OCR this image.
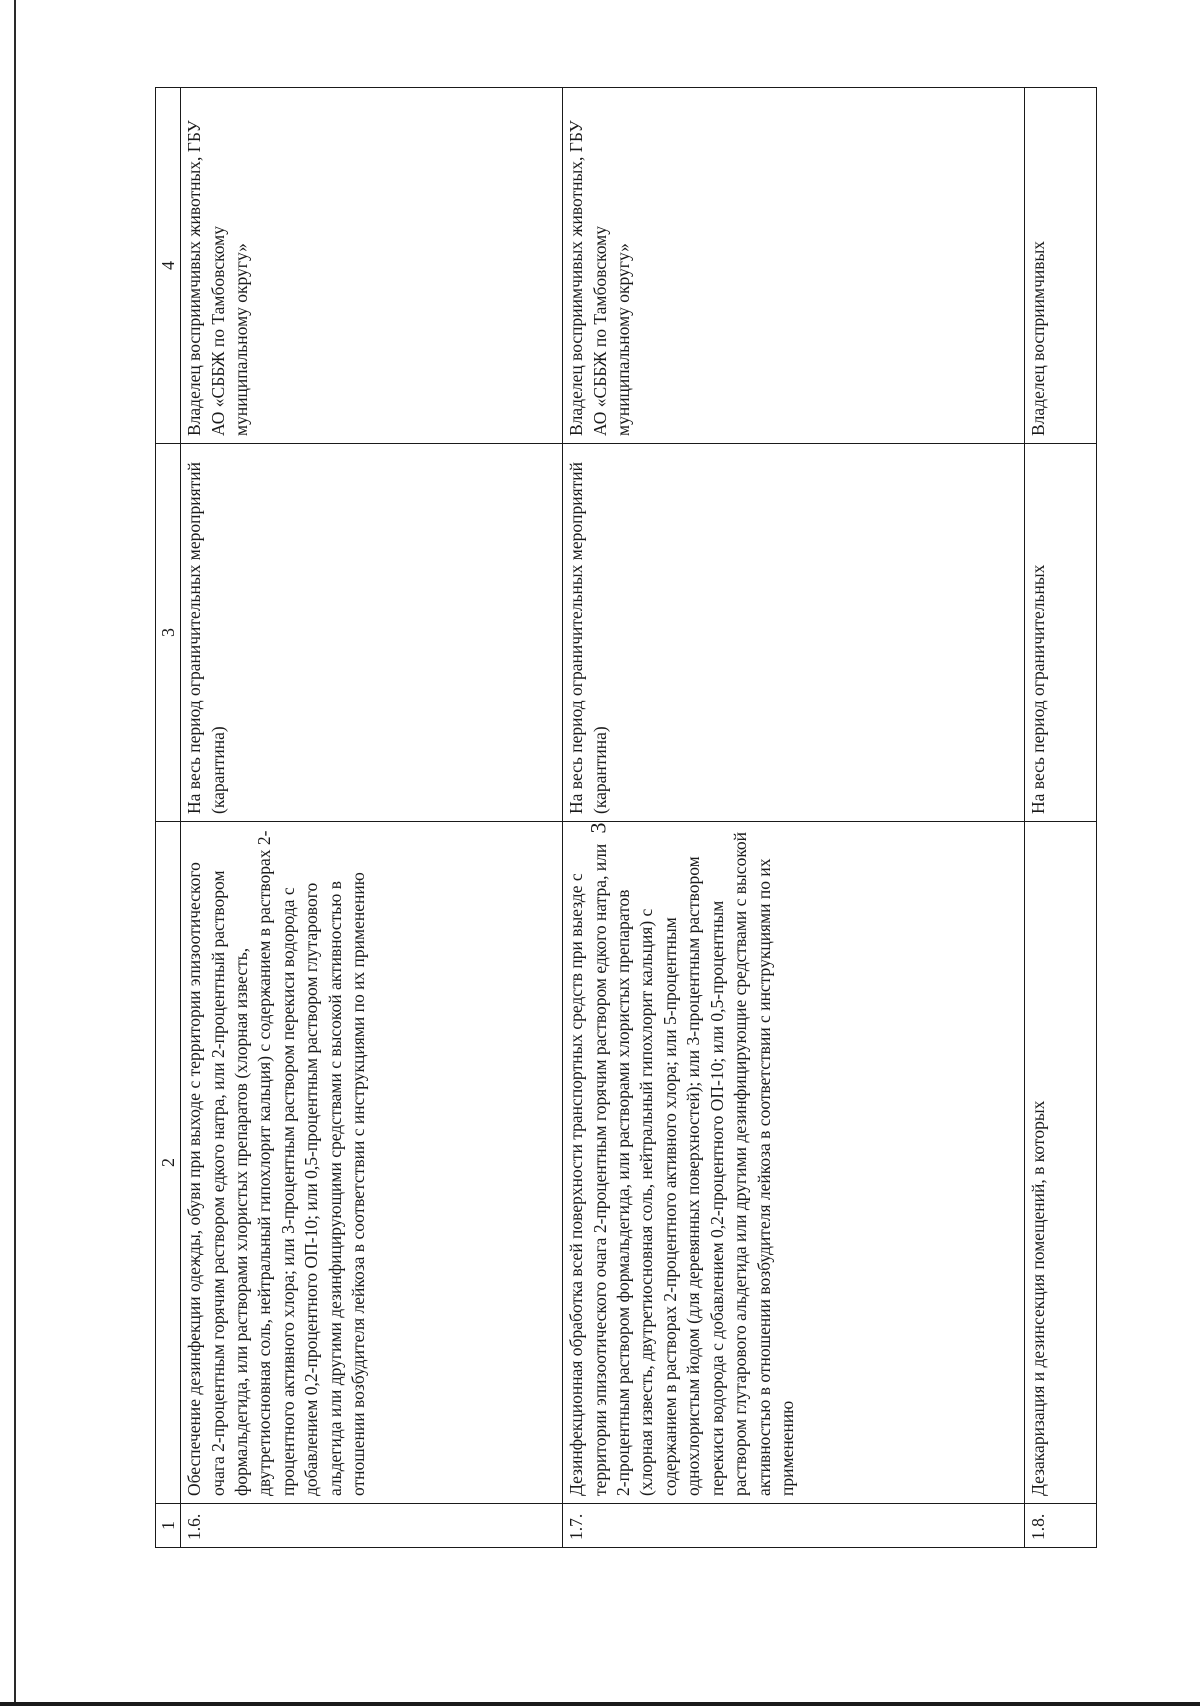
3
1	2	3	4
1.6.	Обеспечение дезинфекции одежды, обуви при выходе с территории эпизоотического очага 2-процентным горячим раствором едкого натра, или 2-процентный раствором формальдегида, или растворами хлористых препаратов (хлорная известь, двутретиосновная соль, нейтральный гипохлорит кальция) с содержанием в растворах 2-процентного активного хлора; или 3-процентным раствором перекиси водорода с добавлением 0,2-процентного ОП-10; или 0,5-процентным раствором глутарового альдегида или другими дезинфицирующими средствами с высокой активностью в отношении возбудителя лейкоза в соответствии с инструкциями по их применению	На весь период ограничительных мероприятий (карантина)	Владелец восприимчивых животных, ГБУ АО «СББЖ по Тамбовскому муниципальному округу»
1.7.	Дезинфекционная обработка всей поверхности транспортных средств при выезде с территории эпизоотического очага 2-процентным горячим раствором едкого натра, или 2-процентным раствором формальдегида, или растворами хлористых препаратов (хлорная известь, двутретиосновная соль, нейтральный гипохлорит кальция) с содержанием в растворах 2-процентного активного хлора; или 5-процентным однохлористым йодом (для деревянных поверхностей); или 3-процентным раствором перекиси водорода с добавлением 0,2-процентного ОП-10; или 0,5-процентным раствором глутарового альдегида или другими дезинфицирующие средствами с высокой активностью в отношении возбудителя лейкоза в соответствии с инструкциями по их применению	На весь период ограничительных мероприятий (карантина)	Владелец восприимчивых животных, ГБУ АО «СББЖ по Тамбовскому муниципальному округу»
1.8.	Дезакаризация и дезинсекция помещений, в которых	На весь период ограничительных	Владелец восприимчивых
